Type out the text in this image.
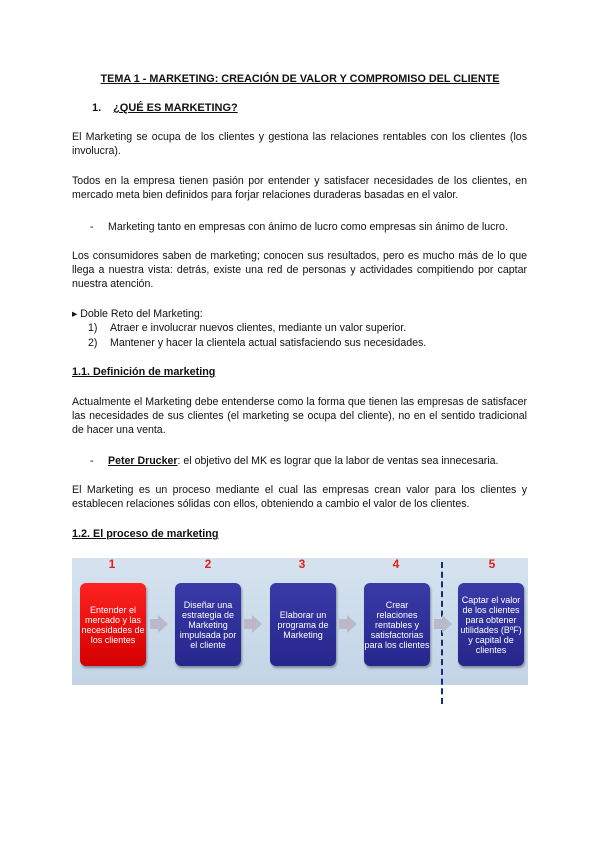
TEMA 1 - MARKETING: CREACIÓN DE VALOR Y COMPROMISO DEL CLIENTE
1. ¿QUÉ ES MARKETING?
El Marketing se ocupa de los clientes y gestiona las relaciones rentables con los clientes (los involucra).
Todos en la empresa tienen pasión por entender y satisfacer necesidades de los clientes, en mercado meta bien definidos para forjar relaciones duraderas basadas en el valor.
- Marketing tanto en empresas con ánimo de lucro como empresas sin ánimo de lucro.
Los consumidores saben de marketing; conocen sus resultados, pero es mucho más de lo que llega a nuestra vista: detrás, existe una red de personas y actividades compitiendo por captar nuestra atención.
▸ Doble Reto del Marketing:
1) Atraer e involucrar nuevos clientes, mediante un valor superior.
2) Mantener y hacer la clientela actual satisfaciendo sus necesidades.
1.1. Definición de marketing
Actualmente el Marketing debe entenderse como la forma que tienen las empresas de satisfacer las necesidades de sus clientes (el marketing se ocupa del cliente), no en el sentido tradicional de hacer una venta.
- Peter Drucker: el objetivo del MK es lograr que la labor de ventas sea innecesaria.
El Marketing es un proceso mediante el cual las empresas crean valor para los clientes y establecen relaciones sólidas con ellos, obteniendo a cambio el valor de los clientes.
1.2. El proceso de marketing
1	2	3	4	5
Entender el mercado y las necesidades de los clientes
Diseñar una estrategia de Marketing impulsada por el cliente
Elaborar un programa de Marketing
Crear relaciones rentables y satisfactorias para los clientes
Captar el valor de los clientes para obtener utilidades (BºF) y capital de clientes
